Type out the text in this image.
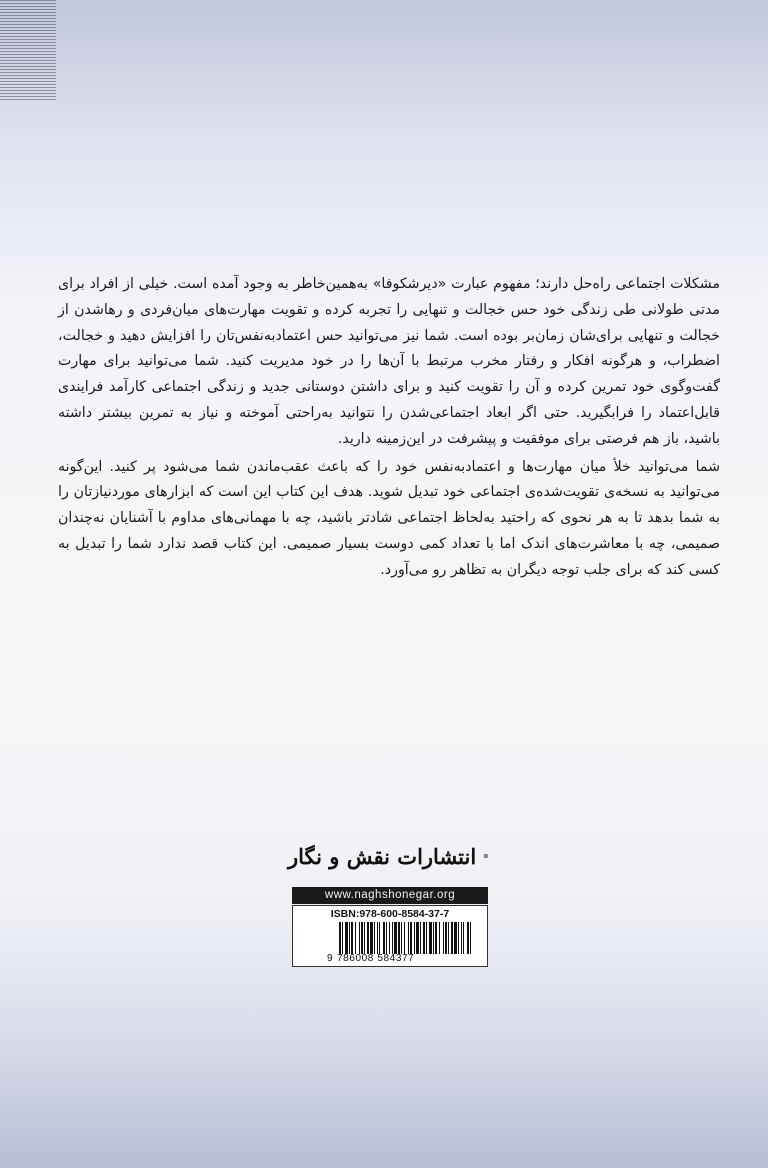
مشکلات اجتماعی راه‌حل دارند؛ مفهوم عبارت «دیرشکوفا» به‌همین‌خاطر به وجود آمده است. خیلی از افراد برای مدتی طولانی طی زندگی خود حس خجالت و تنهایی را تجربه کرده و تقویت مهارت‌های میان‌فردی و رهاشدن از خجالت و تنهایی برای‌شان زمان‌بر بوده است. شما نیز می‌توانید حس اعتمادبه‌نفس‌تان را افزایش دهید و خجالت، اضطراب، و هرگونه افکار و رفتار مخرب مرتبط با آن‌ها را در خود مدیریت کنید. شما می‌توانید برای مهارت گفت‌وگوی خود تمرین کرده و آن را تقویت کنید و برای داشتن دوستانی جدید و زندگی اجتماعی کارآمد فرایندی قابل‌اعتماد را فرابگیرید. حتی اگر ابعاد اجتماعی‌شدن را نتوانید به‌راحتی آموخته و نیاز به تمرین بیشتر داشته باشید، باز هم فرصتی برای موفقیت و پیشرفت در این‌زمینه دارید.

شما می‌توانید خلأ میان مهارت‌ها و اعتمادبه‌نفس خود را که باعث عقب‌ماندن شما می‌شود پر کنید. این‌گونه می‌توانید به نسخه‌ی تقویت‌شده‌ی اجتماعی خود تبدیل شوید. هدف این کتاب این است که ابزارهای موردنیازتان را به شما بدهد تا به هر نحوی که راحتید به‌لحاظ اجتماعی شادتر باشید، چه با مهمانی‌های مداوم با آشنایان نه‌چندان صمیمی، چه با معاشرت‌های اندک اما با تعداد کمی دوست بسیار صمیمی. این کتاب قصد ندارد شما را تبدیل به کسی کند که برای جلب توجه دیگران به تظاهر رو می‌آورد.

انتشارات نقش و نگار
www.naghshonegar.org
ISBN:978-600-8584-37-7
9 786008 584377
